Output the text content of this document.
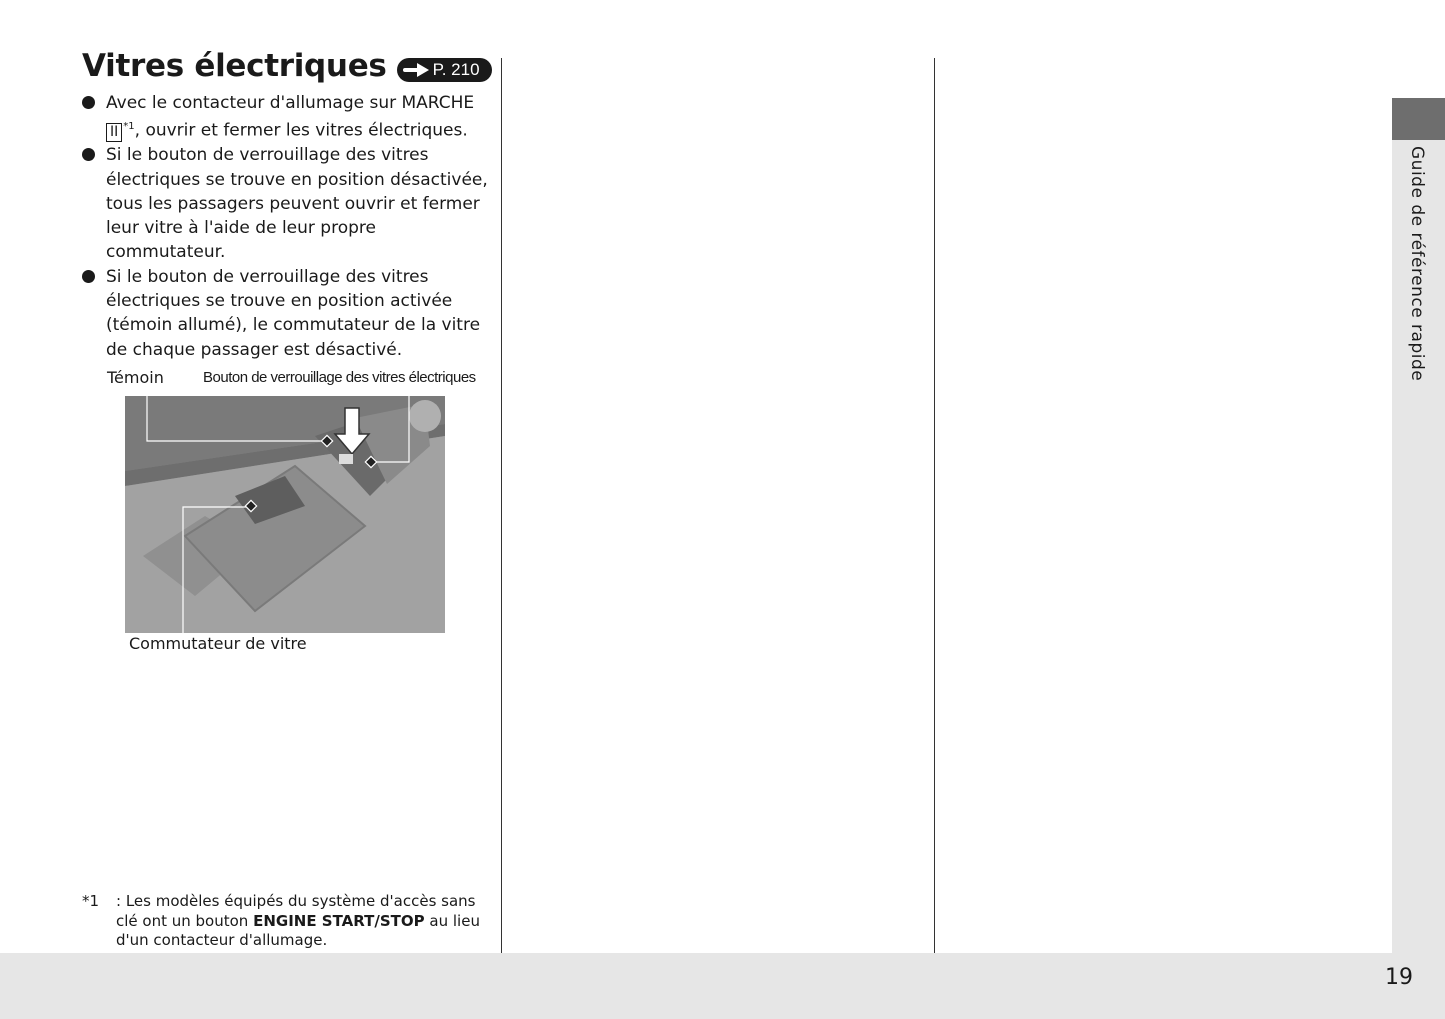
Vitres électriques	P. 210
Avec le contacteur d'allumage sur MARCHE II $^{*1}$, ouvrir et fermer les vitres électriques.
Si le bouton de verrouillage des vitres électriques se trouve en position désactivée, tous les passagers peuvent ouvrir et fermer leur vitre à l'aide de leur propre commutateur.
Si le bouton de verrouillage des vitres électriques se trouve en position activée (témoin allumé), le commutateur de la vitre de chaque passager est désactivé.
Témoin	Bouton de verrouillage des vitres électriques
Commutateur de vitre
*1 : Les modèles équipés du système d'accès sans clé ont un bouton ENGINE START/STOP au lieu d'un contacteur d'allumage.
Guide de référence rapide
19
